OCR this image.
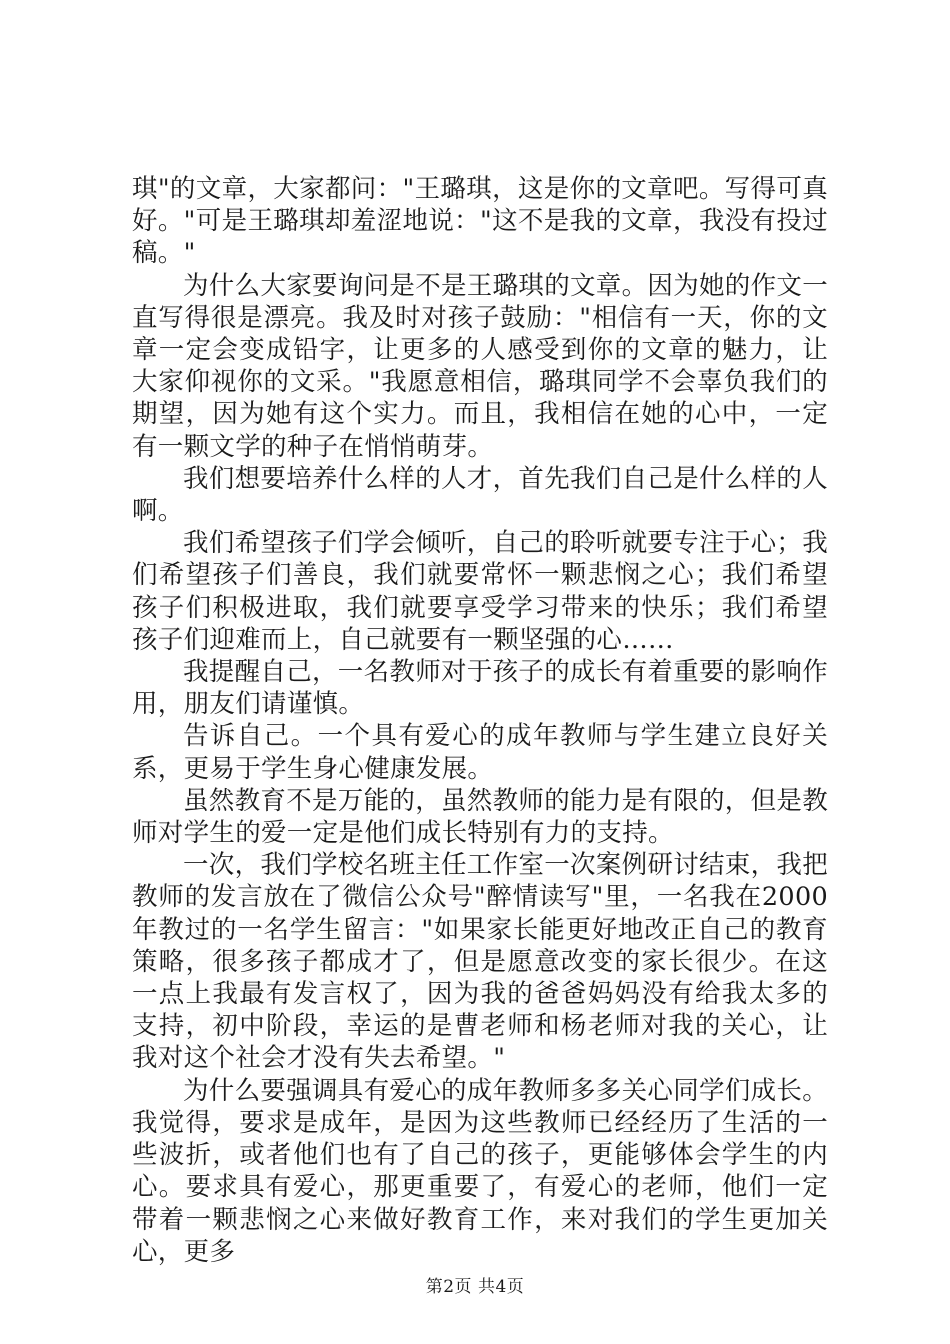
琪"的文章，大家都问："王璐琪，这是你的文章吧。写得可真好。"可是王璐琪却羞涩地说："这不是我的文章，我没有投过稿。"

为什么大家要询问是不是王璐琪的文章。因为她的作文一直写得很是漂亮。我及时对孩子鼓励："相信有一天，你的文章一定会变成铅字，让更多的人感受到你的文章的魅力，让大家仰视你的文采。"我愿意相信，璐琪同学不会辜负我们的期望，因为她有这个实力。而且，我相信在她的心中，一定有一颗文学的种子在悄悄萌芽。

我们想要培养什么样的人才，首先我们自己是什么样的人啊。

我们希望孩子们学会倾听，自己的聆听就要专注于心；我们希望孩子们善良，我们就要常怀一颗悲悯之心；我们希望孩子们积极进取，我们就要享受学习带来的快乐；我们希望孩子们迎难而上，自己就要有一颗坚强的心……

我提醒自己，一名教师对于孩子的成长有着重要的影响作用，朋友们请谨慎。

告诉自己。一个具有爱心的成年教师与学生建立良好关系，更易于学生身心健康发展。

虽然教育不是万能的，虽然教师的能力是有限的，但是教师对学生的爱一定是他们成长特别有力的支持。

一次，我们学校名班主任工作室一次案例研讨结束，我把教师的发言放在了微信公众号"醉情读写"里，一名我在2000年教过的一名学生留言："如果家长能更好地改正自己的教育策略，很多孩子都成才了，但是愿意改变的家长很少。在这一点上我最有发言权了，因为我的爸爸妈妈没有给我太多的支持，初中阶段，幸运的是曹老师和杨老师对我的关心，让我对这个社会才没有失去希望。"

为什么要强调具有爱心的成年教师多多关心同学们成长。我觉得，要求是成年，是因为这些教师已经经历了生活的一些波折，或者他们也有了自己的孩子，更能够体会学生的内心。要求具有爱心，那更重要了，有爱心的老师，他们一定带着一颗悲悯之心来做好教育工作，来对我们的学生更加关心，更多

第2页 共4页
